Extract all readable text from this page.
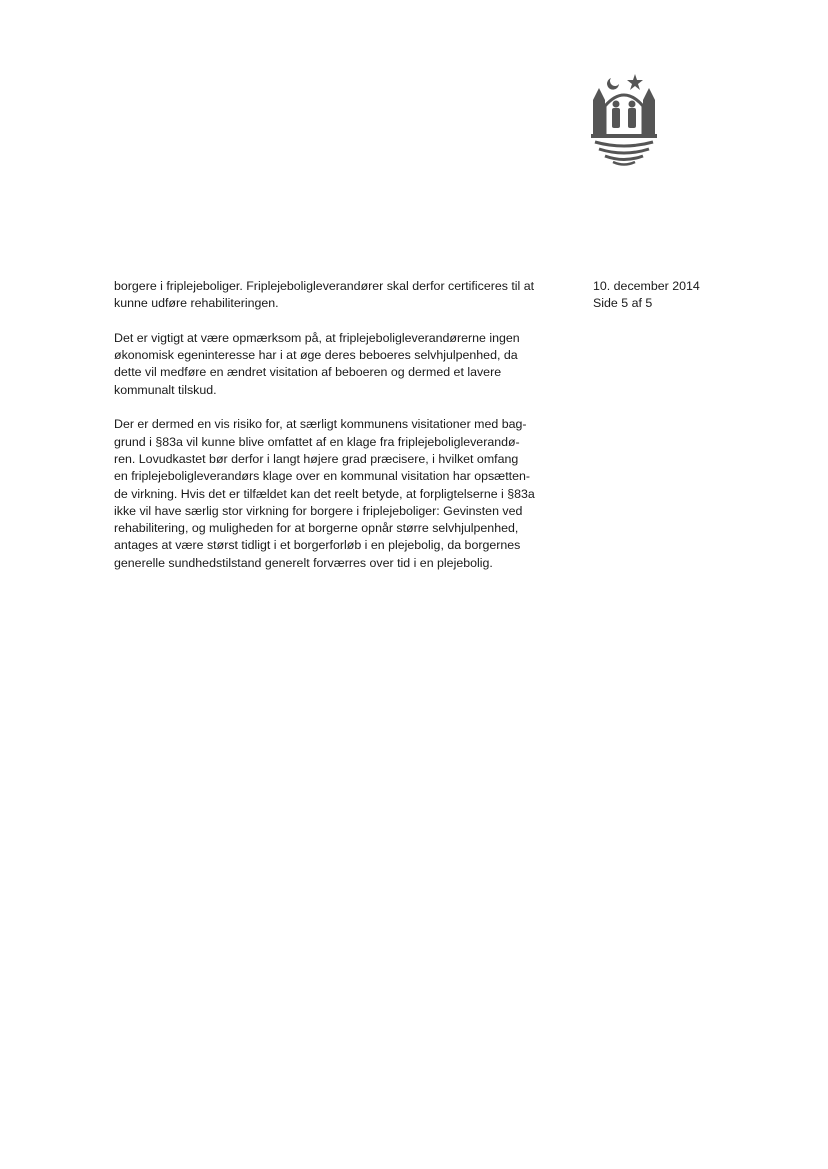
borgere i friplejeboliger. Friplejeboligleverandører skal derfor certificeres til at
kunne udføre rehabiliteringen.

Det er vigtigt at være opmærksom på, at friplejeboligleverandørerne ingen
økonomisk egeninteresse har i at øge deres beboeres selvhjulpenhed, da
dette vil medføre en ændret visitation af beboeren og dermed et lavere
kommunalt tilskud.

Der er dermed en vis risiko for, at særligt kommunens visitationer med bag-
grund i §83a vil kunne blive omfattet af en klage fra friplejeboligleverandø-
ren. Lovudkastet bør derfor i langt højere grad præcisere, i hvilket omfang
en friplejeboligleverandørs klage over en kommunal visitation har opsætten-
de virkning. Hvis det er tilfældet kan det reelt betyde, at forpligtelserne i §83a
ikke vil have særlig stor virkning for borgere i friplejeboliger: Gevinsten ved
rehabilitering, og muligheden for at borgerne opnår større selvhjulpenhed,
antages at være størst tidligt i et borgerforløb i en plejebolig, da borgernes
generelle sundhedstilstand generelt forværres over tid i en plejebolig.

10. december 2014
Side 5 af 5
